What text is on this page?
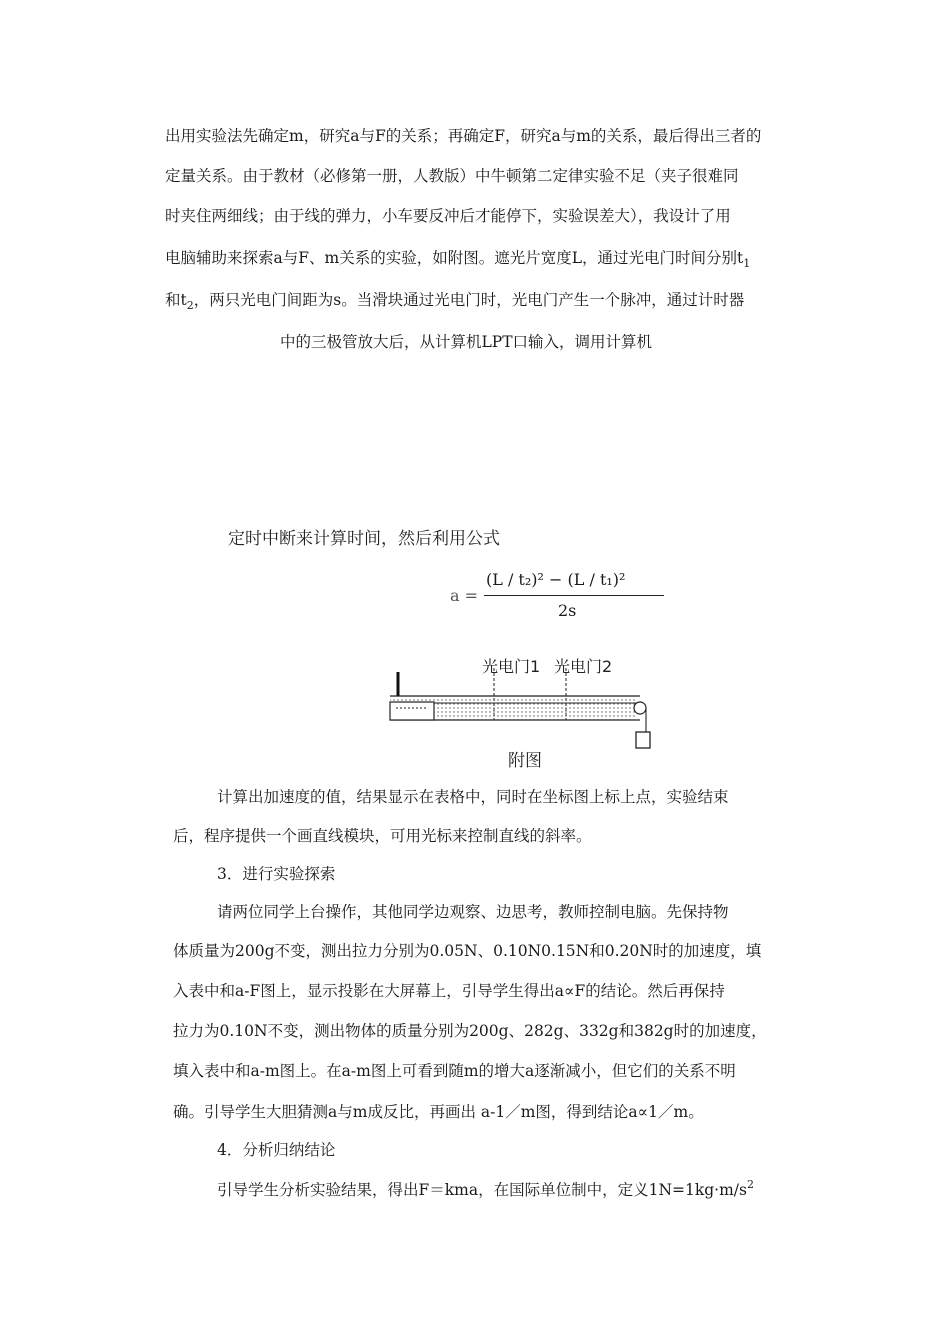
出用实验法先确定m，研究a与F的关系；再确定F，研究a与m的关系，最后得出三者的
定量关系。由于教材（必修第一册，人教版）中牛顿第二定律实验不足（夹子很难同
时夹住两细线；由于线的弹力，小车要反冲后才能停下，实验误差大），我设计了用
电脑辅助来探索a与F、m关系的实验，如附图。遮光片宽度L，通过光电门时间分别$t_1$
和$t_2$，两只光电门间距为s。当滑块通过光电门时，光电门产生一个脉冲，通过计时器
中的三极管放大后，从计算机LPT口输入，调用计算机
定时中断来计算时间，然后利用公式
a =
(L / t₂)² − (L / t₁)²
2s
光电门1 光电门2
附图
计算出加速度的值，结果显示在表格中，同时在坐标图上标上点，实验结束
后，程序提供一个画直线模块，可用光标来控制直线的斜率。
3．进行实验探索
请两位同学上台操作，其他同学边观察、边思考，教师控制电脑。先保持物
体质量为200g不变，测出拉力分别为0.05N、0.10N0.15N和0.20N时的加速度，填
入表中和a-F图上，显示投影在大屏幕上，引导学生得出a∝F的结论。然后再保持
拉力为0.10N不变，测出物体的质量分别为200g、282g、332g和382g时的加速度，
填入表中和a-m图上。在a-m图上可看到随m的增大a逐渐减小，但它们的关系不明
确。引导学生大胆猜测a与m成反比，再画出 a-1／m图，得到结论a∝1／m。
4．分析归纳结论
引导学生分析实验结果，得出F＝kma，在国际单位制中，定义$1N=1kg\cdot m/s^2$
